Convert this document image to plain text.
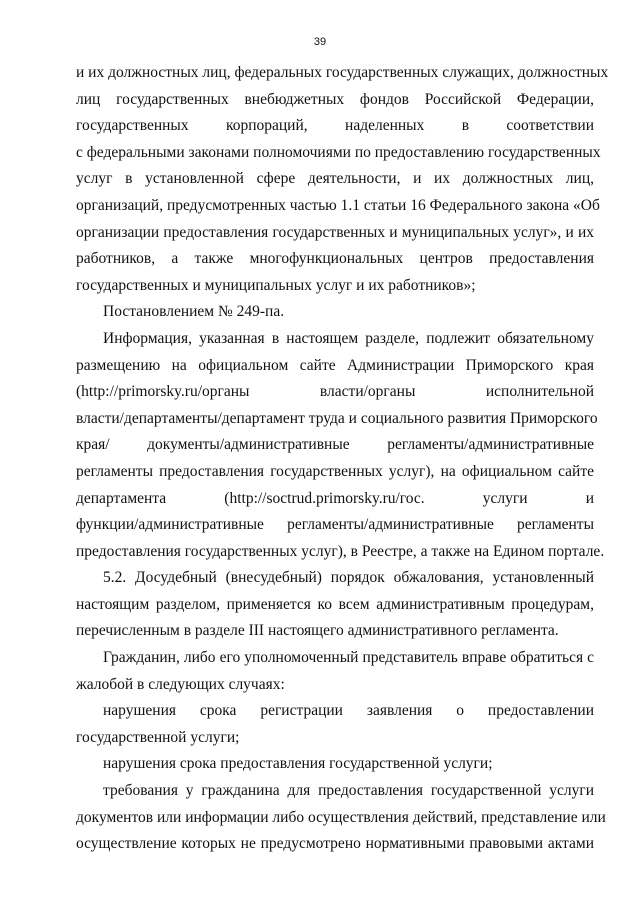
39
и их должностных лиц, федеральных государственных служащих, должностных
лиц государственных внебюджетных фондов Российской Федерации,
государственных корпораций, наделенных в соответствии
с федеральными законами полномочиями по предоставлению государственных
услуг в установленной сфере деятельности, и их должностных лиц,
организаций, предусмотренных частью 1.1 статьи 16 Федерального закона «Об
организации предоставления государственных и муниципальных услуг», и их
работников, а также многофункциональных центров предоставления
государственных и муниципальных услуг и их работников»;
Постановлением № 249-па.
Информация, указанная в настоящем разделе, подлежит обязательному
размещению на официальном сайте Администрации Приморского края
(http://primorsky.ru/органы власти/органы исполнительной
власти/департаменты/департамент труда и социального развития Приморского
края/ документы/административные регламенты/административные
регламенты предоставления государственных услуг), на официальном сайте
департамента (http://soctrud.primorsky.ru/гос. услуги и
функции/административные регламенты/административные регламенты
предоставления государственных услуг), в Реестре, а также на Едином портале.
5.2. Досудебный (внесудебный) порядок обжалования, установленный
настоящим разделом, применяется ко всем административным процедурам,
перечисленным в разделе III настоящего административного регламента.
Гражданин, либо его уполномоченный представитель вправе обратиться с
жалобой в следующих случаях:
нарушения срока регистрации заявления о предоставлении
государственной услуги;
нарушения срока предоставления государственной услуги;
требования у гражданина для предоставления государственной услуги
документов или информации либо осуществления действий, представление или
осуществление которых не предусмотрено нормативными правовыми актами
